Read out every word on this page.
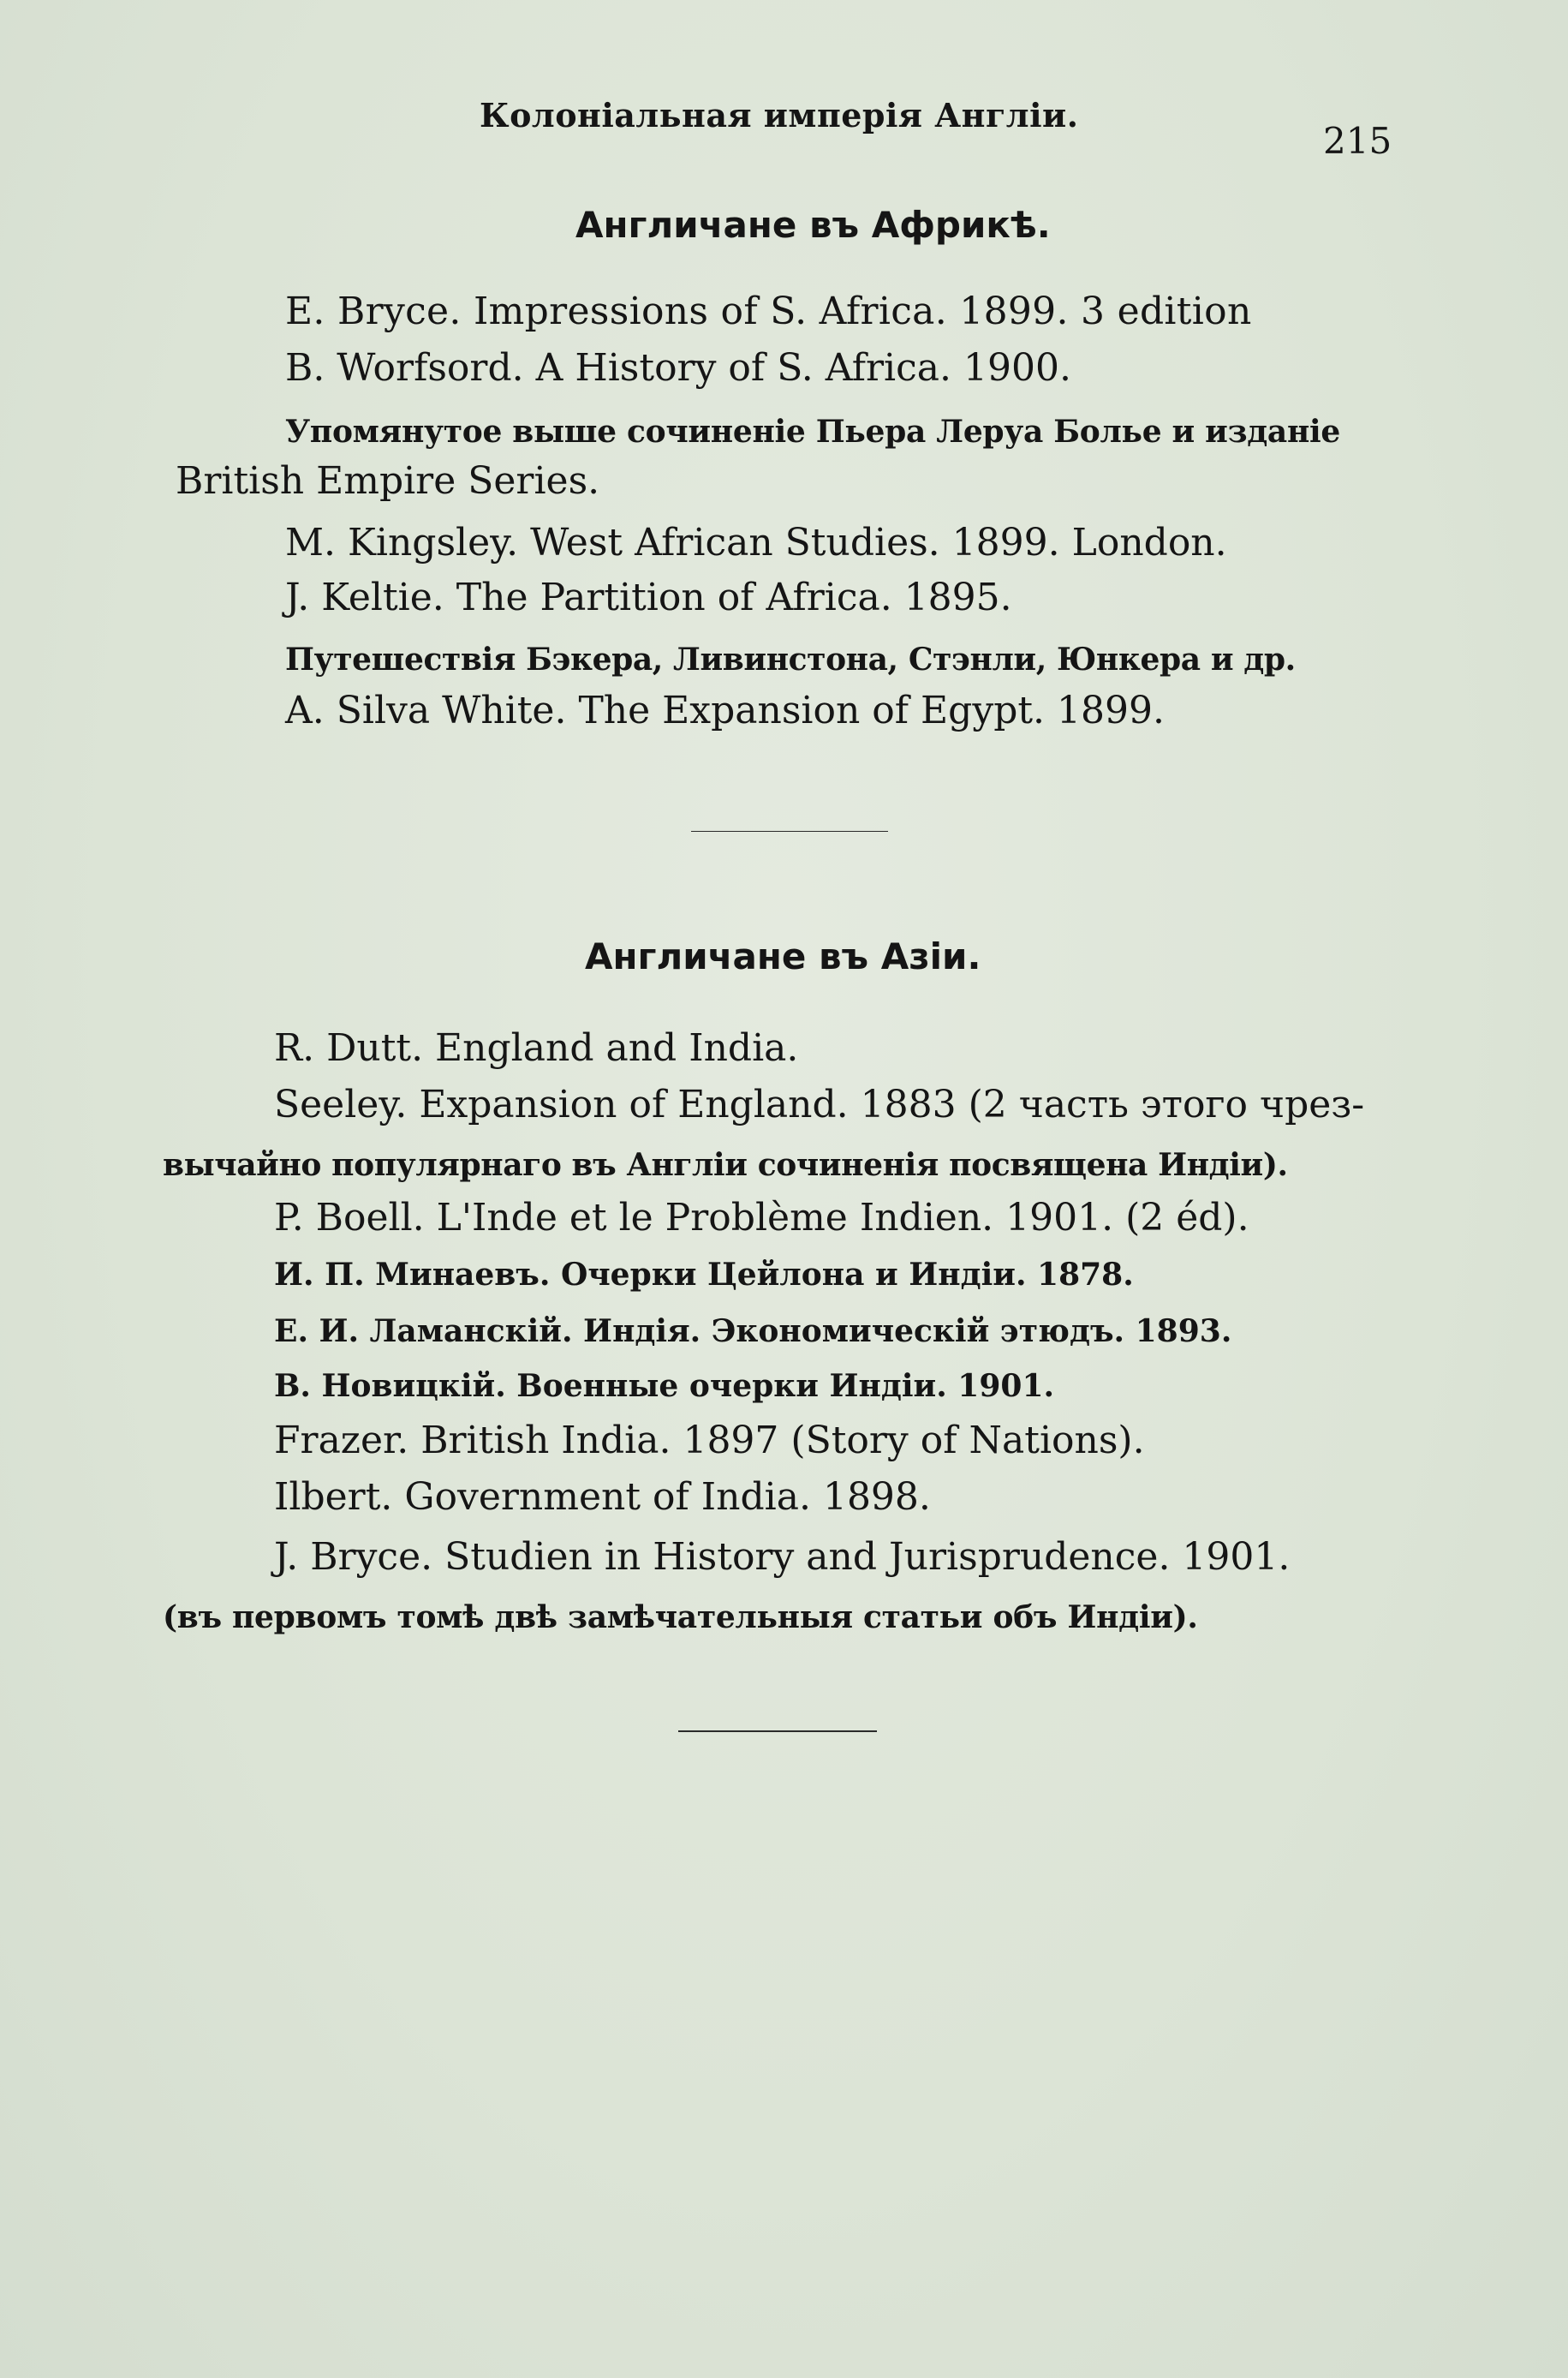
Колоніальная имперія Англіи.
215
Англичане въ Африкѣ.
E. Bryce. Impressions of S. Africa. 1899. 3 edition
B. Worfsord. A History of S. Africa. 1900.
Упомянутое выше сочиненіе Пьера Леруа Болье и изданіе
British Empire Series.
M. Kingsley. West African Studies. 1899. London.
J. Keltie. The Partition of Africa. 1895.
Путешествія Бэкера, Ливинстона, Стэнли, Юнкера и др.
A. Silva White. The Expansion of Egypt. 1899.
Англичане въ Азіи.
R. Dutt. England and India.
Seeley. Expansion of England. 1883 (2 часть этого чрез-
вычайно популярнаго въ Англіи сочиненія посвящена Индіи).
P. Boell. L'Inde et le Problème Indien. 1901. (2 éd).
И. П. Минаевъ. Очерки Цейлона и Индіи. 1878.
Е. И. Ламанскій. Индія. Экономическій этюдъ. 1893.
В. Новицкій. Военные очерки Индіи. 1901.
Frazer. British India. 1897 (Story of Nations).
Ilbert. Government of India. 1898.
J. Bryce. Studien in History and Jurisprudence. 1901.
(въ первомъ томѣ двѣ замѣчательныя статьи объ Индіи).
